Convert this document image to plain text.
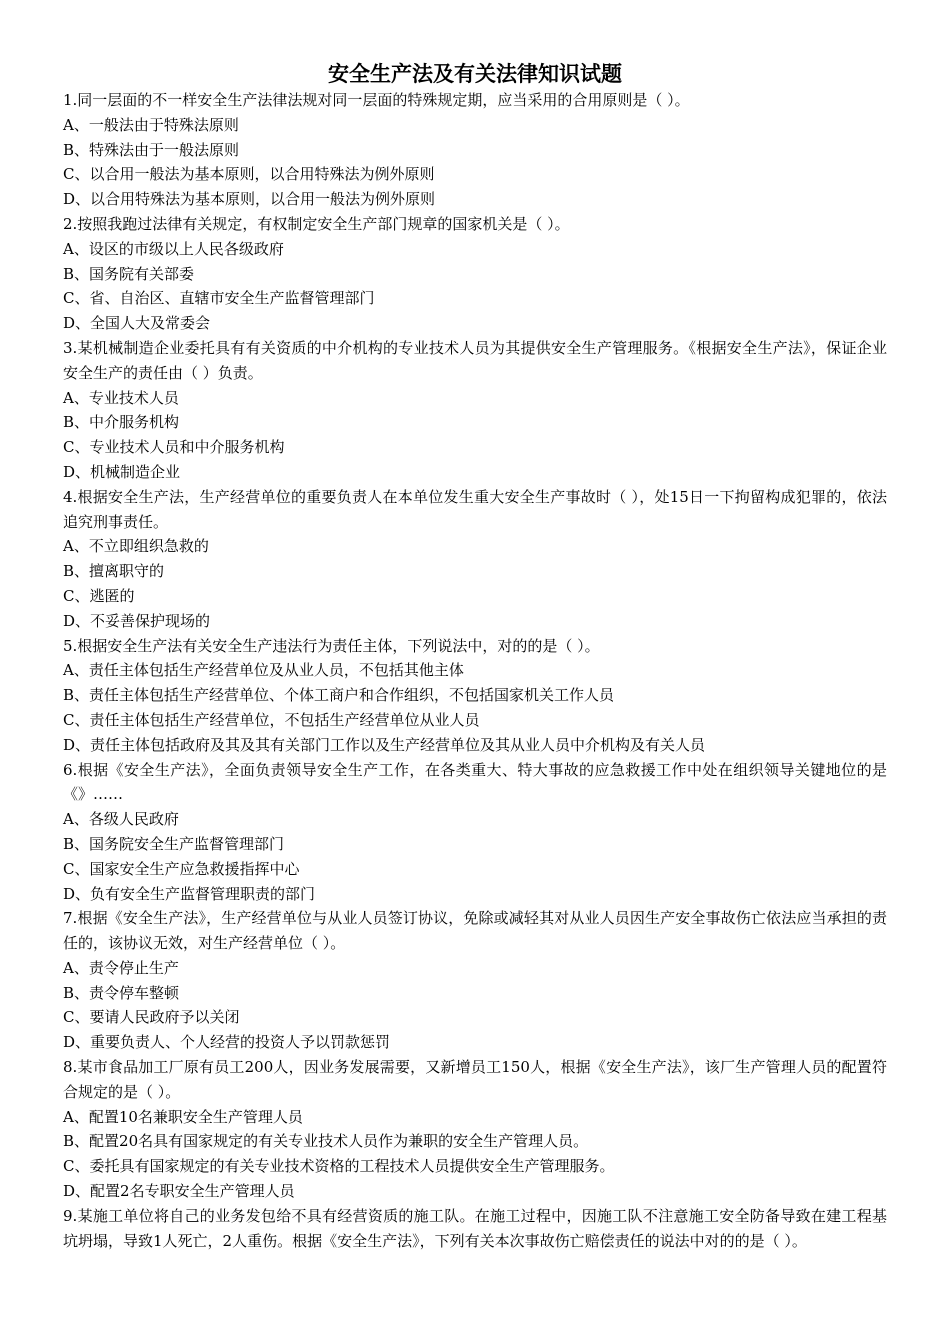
安全生产法及有关法律知识试题

1.同一层面的不一样安全生产法律法规对同一层面的特殊规定期，应当采用的合用原则是（ ）。

A、一般法由于特殊法原则

B、特殊法由于一般法原则

C、以合用一般法为基本原则，以合用特殊法为例外原则

D、以合用特殊法为基本原则，以合用一般法为例外原则

2.按照我跑过法律有关规定，有权制定安全生产部门规章的国家机关是（ ）。

A、设区的市级以上人民各级政府

B、国务院有关部委

C、省、自治区、直辖市安全生产监督管理部门

D、全国人大及常委会

3.某机械制造企业委托具有有关资质的中介机构的专业技术人员为其提供安全生产管理服务。《根据安全生产法》，保证企业安全生产的责任由（ ）负责。

A、专业技术人员

B、中介服务机构

C、专业技术人员和中介服务机构

D、机械制造企业

4.根据安全生产法，生产经营单位的重要负责人在本单位发生重大安全生产事故时（ ），处15日一下拘留构成犯罪的，依法追究刑事责任。

A、不立即组织急救的

B、擅离职守的

C、逃匿的

D、不妥善保护现场的

5.根据安全生产法有关安全生产违法行为责任主体，下列说法中，对的的是（ ）。

A、责任主体包括生产经营单位及从业人员，不包括其他主体

B、责任主体包括生产经营单位、个体工商户和合作组织，不包括国家机关工作人员

C、责任主体包括生产经营单位，不包括生产经营单位从业人员

D、责任主体包括政府及其及其有关部门工作以及生产经营单位及其从业人员中介机构及有关人员

6.根据《安全生产法》，全面负责领导安全生产工作，在各类重大、特大事故的应急救援工作中处在组织领导关键地位的是《》……

A、各级人民政府

B、国务院安全生产监督管理部门

C、国家安全生产应急救援指挥中心

D、负有安全生产监督管理职责的部门

7.根据《安全生产法》，生产经营单位与从业人员签订协议，免除或减轻其对从业人员因生产安全事故伤亡依法应当承担的责任的，该协议无效，对生产经营单位（ ）。

A、责令停止生产

B、责令停车整顿

C、要请人民政府予以关闭

D、重要负责人、个人经营的投资人予以罚款惩罚

8.某市食品加工厂原有员工200人，因业务发展需要，又新增员工150人，根据《安全生产法》，该厂生产管理人员的配置符合规定的是（ ）。

A、配置10名兼职安全生产管理人员

B、配置20名具有国家规定的有关专业技术人员作为兼职的安全生产管理人员。

C、委托具有国家规定的有关专业技术资格的工程技术人员提供安全生产管理服务。

D、配置2名专职安全生产管理人员

9.某施工单位将自己的业务发包给不具有经营资质的施工队。在施工过程中，因施工队不注意施工安全防备导致在建工程基坑坍塌，导致1人死亡，2人重伤。根据《安全生产法》，下列有关本次事故伤亡赔偿责任的说法中对的的是（ ）。
